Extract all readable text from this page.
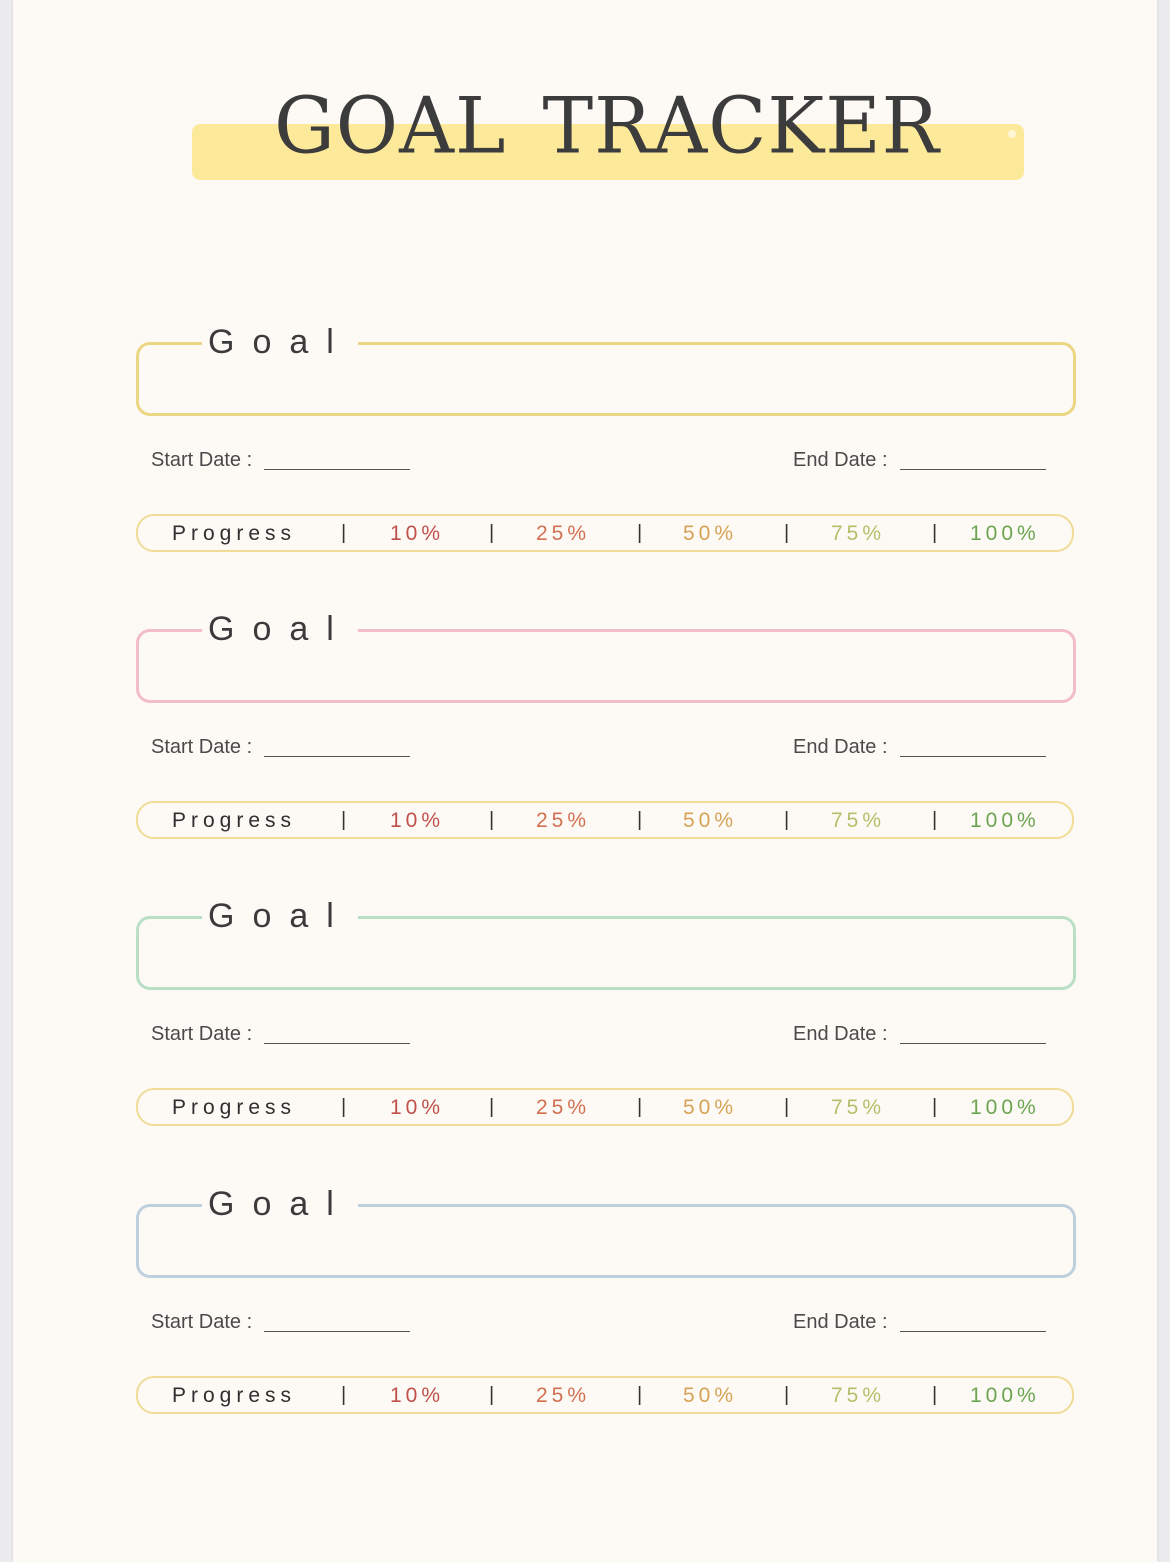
GOAL TRACKER
Goal
Start Date :	End Date :
Progress | 10% | 25% | 50% | 75% | 100%
Goal
Start Date :	End Date :
Progress | 10% | 25% | 50% | 75% | 100%
Goal
Start Date :	End Date :
Progress | 10% | 25% | 50% | 75% | 100%
Goal
Start Date :	End Date :
Progress | 10% | 25% | 50% | 75% | 100%
